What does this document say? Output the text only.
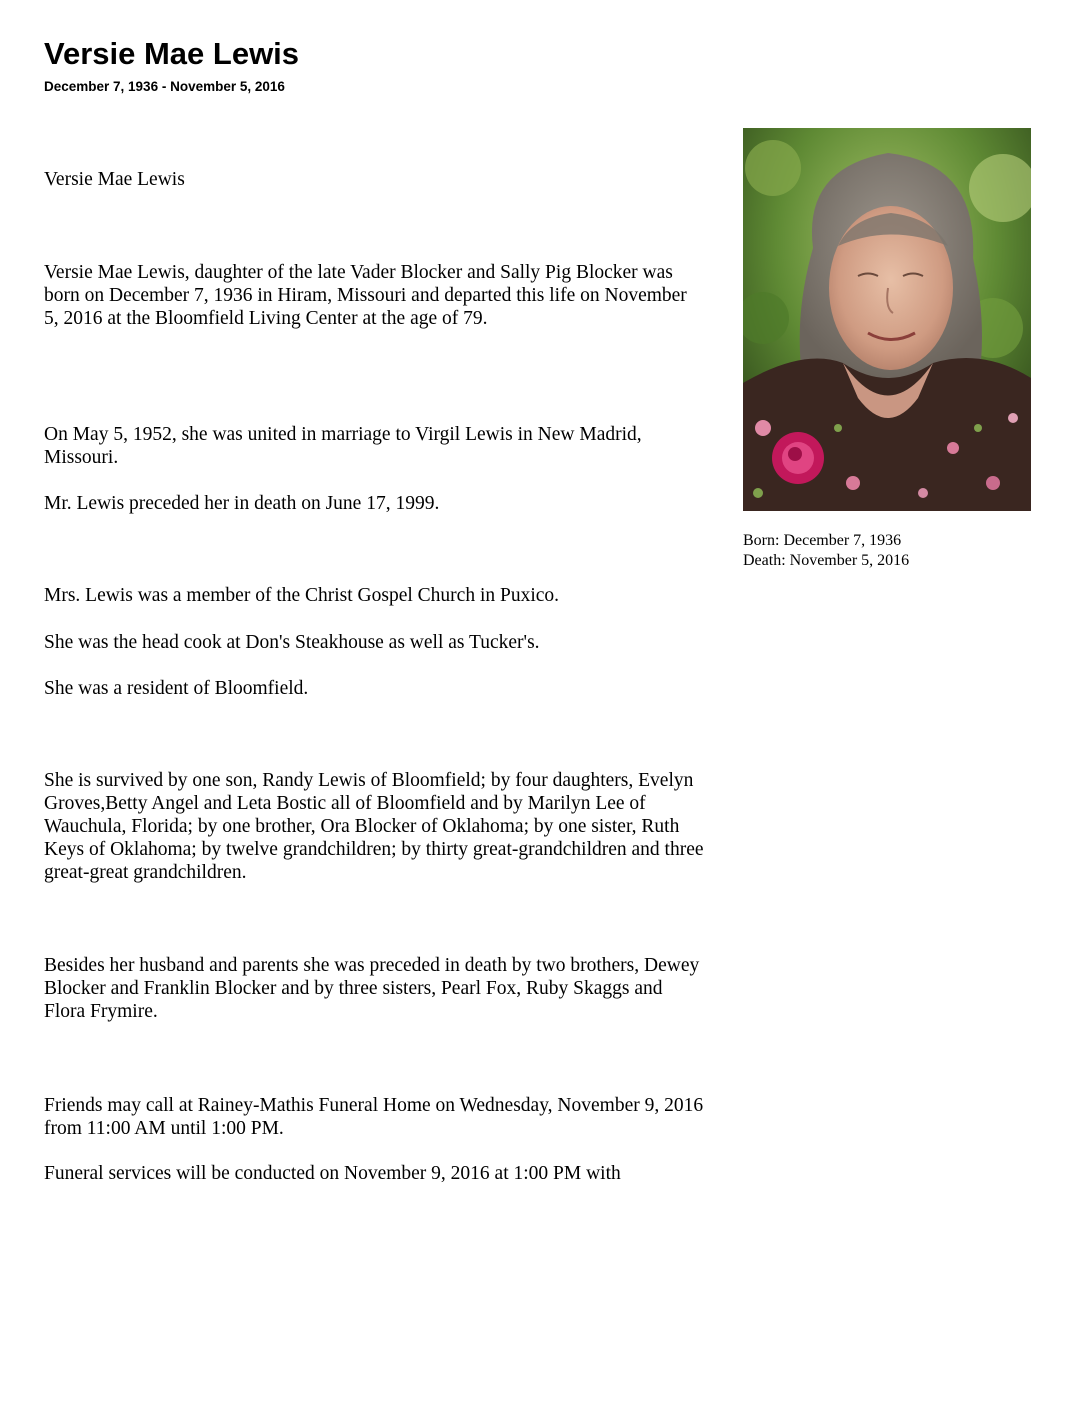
Versie Mae Lewis
December 7, 1936 - November 5, 2016

Versie Mae Lewis

Versie Mae Lewis, daughter of the late Vader Blocker and Sally Pig Blocker was born on December 7, 1936 in Hiram, Missouri and departed this life on November 5, 2016 at the Bloomfield Living Center at the age of 79.

On May 5, 1952, she was united in marriage to Virgil Lewis in New Madrid, Missouri.

Mr. Lewis preceded her in death on June 17, 1999.

Mrs. Lewis was a member of the Christ Gospel Church in Puxico.

She was the head cook at Don's Steakhouse as well as Tucker's.

She was a resident of Bloomfield.

She is survived by one son, Randy Lewis of Bloomfield; by four daughters, Evelyn Groves,Betty Angel and Leta Bostic all of Bloomfield and by Marilyn Lee of Wauchula, Florida; by one brother, Ora Blocker of Oklahoma; by one sister, Ruth Keys of Oklahoma; by twelve grandchildren; by thirty great-grandchildren and three great-great grandchildren.

Besides her husband and parents she was preceded in death by two brothers, Dewey Blocker and Franklin Blocker and by three sisters, Pearl Fox, Ruby Skaggs and Flora Frymire.

Friends may call at Rainey-Mathis Funeral Home on Wednesday, November 9, 2016 from 11:00 AM until 1:00 PM.

Funeral services will be conducted on November 9, 2016 at 1:00 PM with

Born: December 7, 1936
Death: November 5, 2016
